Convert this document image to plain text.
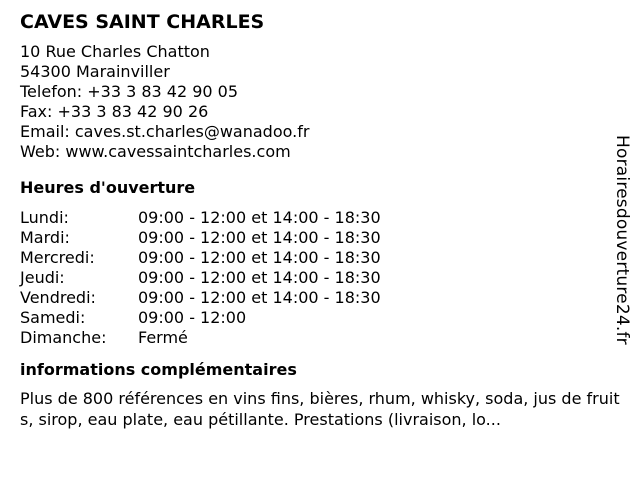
CAVES SAINT CHARLES
10 Rue Charles Chatton
54300 Marainviller
Telefon: +33 3 83 42 90 05
Fax: +33 3 83 42 90 26
Email: caves.st.charles@wanadoo.fr
Web: www.cavessaintcharles.com
Heures d'ouverture
Lundi:	09:00 - 12:00 et 14:00 - 18:30
Mardi:	09:00 - 12:00 et 14:00 - 18:30
Mercredi:	09:00 - 12:00 et 14:00 - 18:30
Jeudi:	09:00 - 12:00 et 14:00 - 18:30
Vendredi:	09:00 - 12:00 et 14:00 - 18:30
Samedi:	09:00 - 12:00
Dimanche:	Fermé
informations complémentaires
Plus de 800 références en vins fins, bières, rhum, whisky, soda, jus de fruits, sirop, eau plate, eau pétillante. Prestations (livraison, lo...
Horairesdouverture24.fr
